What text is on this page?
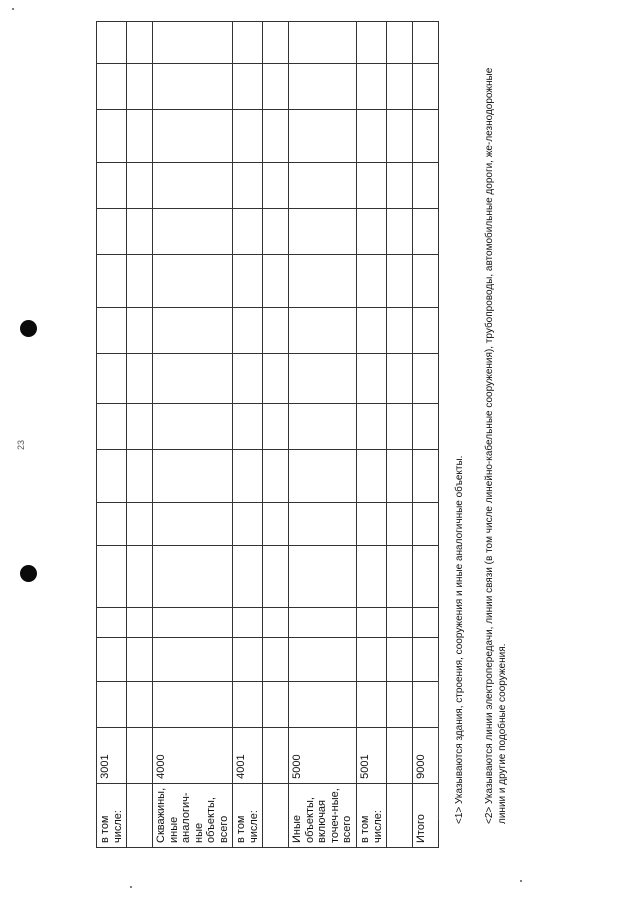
в том числе:	3001															

Скважины, иные аналогич-ные объекты, всего	4000															
в том числе:	4001															

Иные объекты, включая точеч-ные, всего	5000															
в том числе:	5001															

Итого	9000																<1> Указываются здания, строения, сооружения и иные аналогичные объекты. <2> Указываются линии электропередачи, линии связи (в том числе линейно-кабельные сооружения), трубопроводы, автомобильные дороги, же-лезнодорожные линии и другие подобные сооружения.
23
